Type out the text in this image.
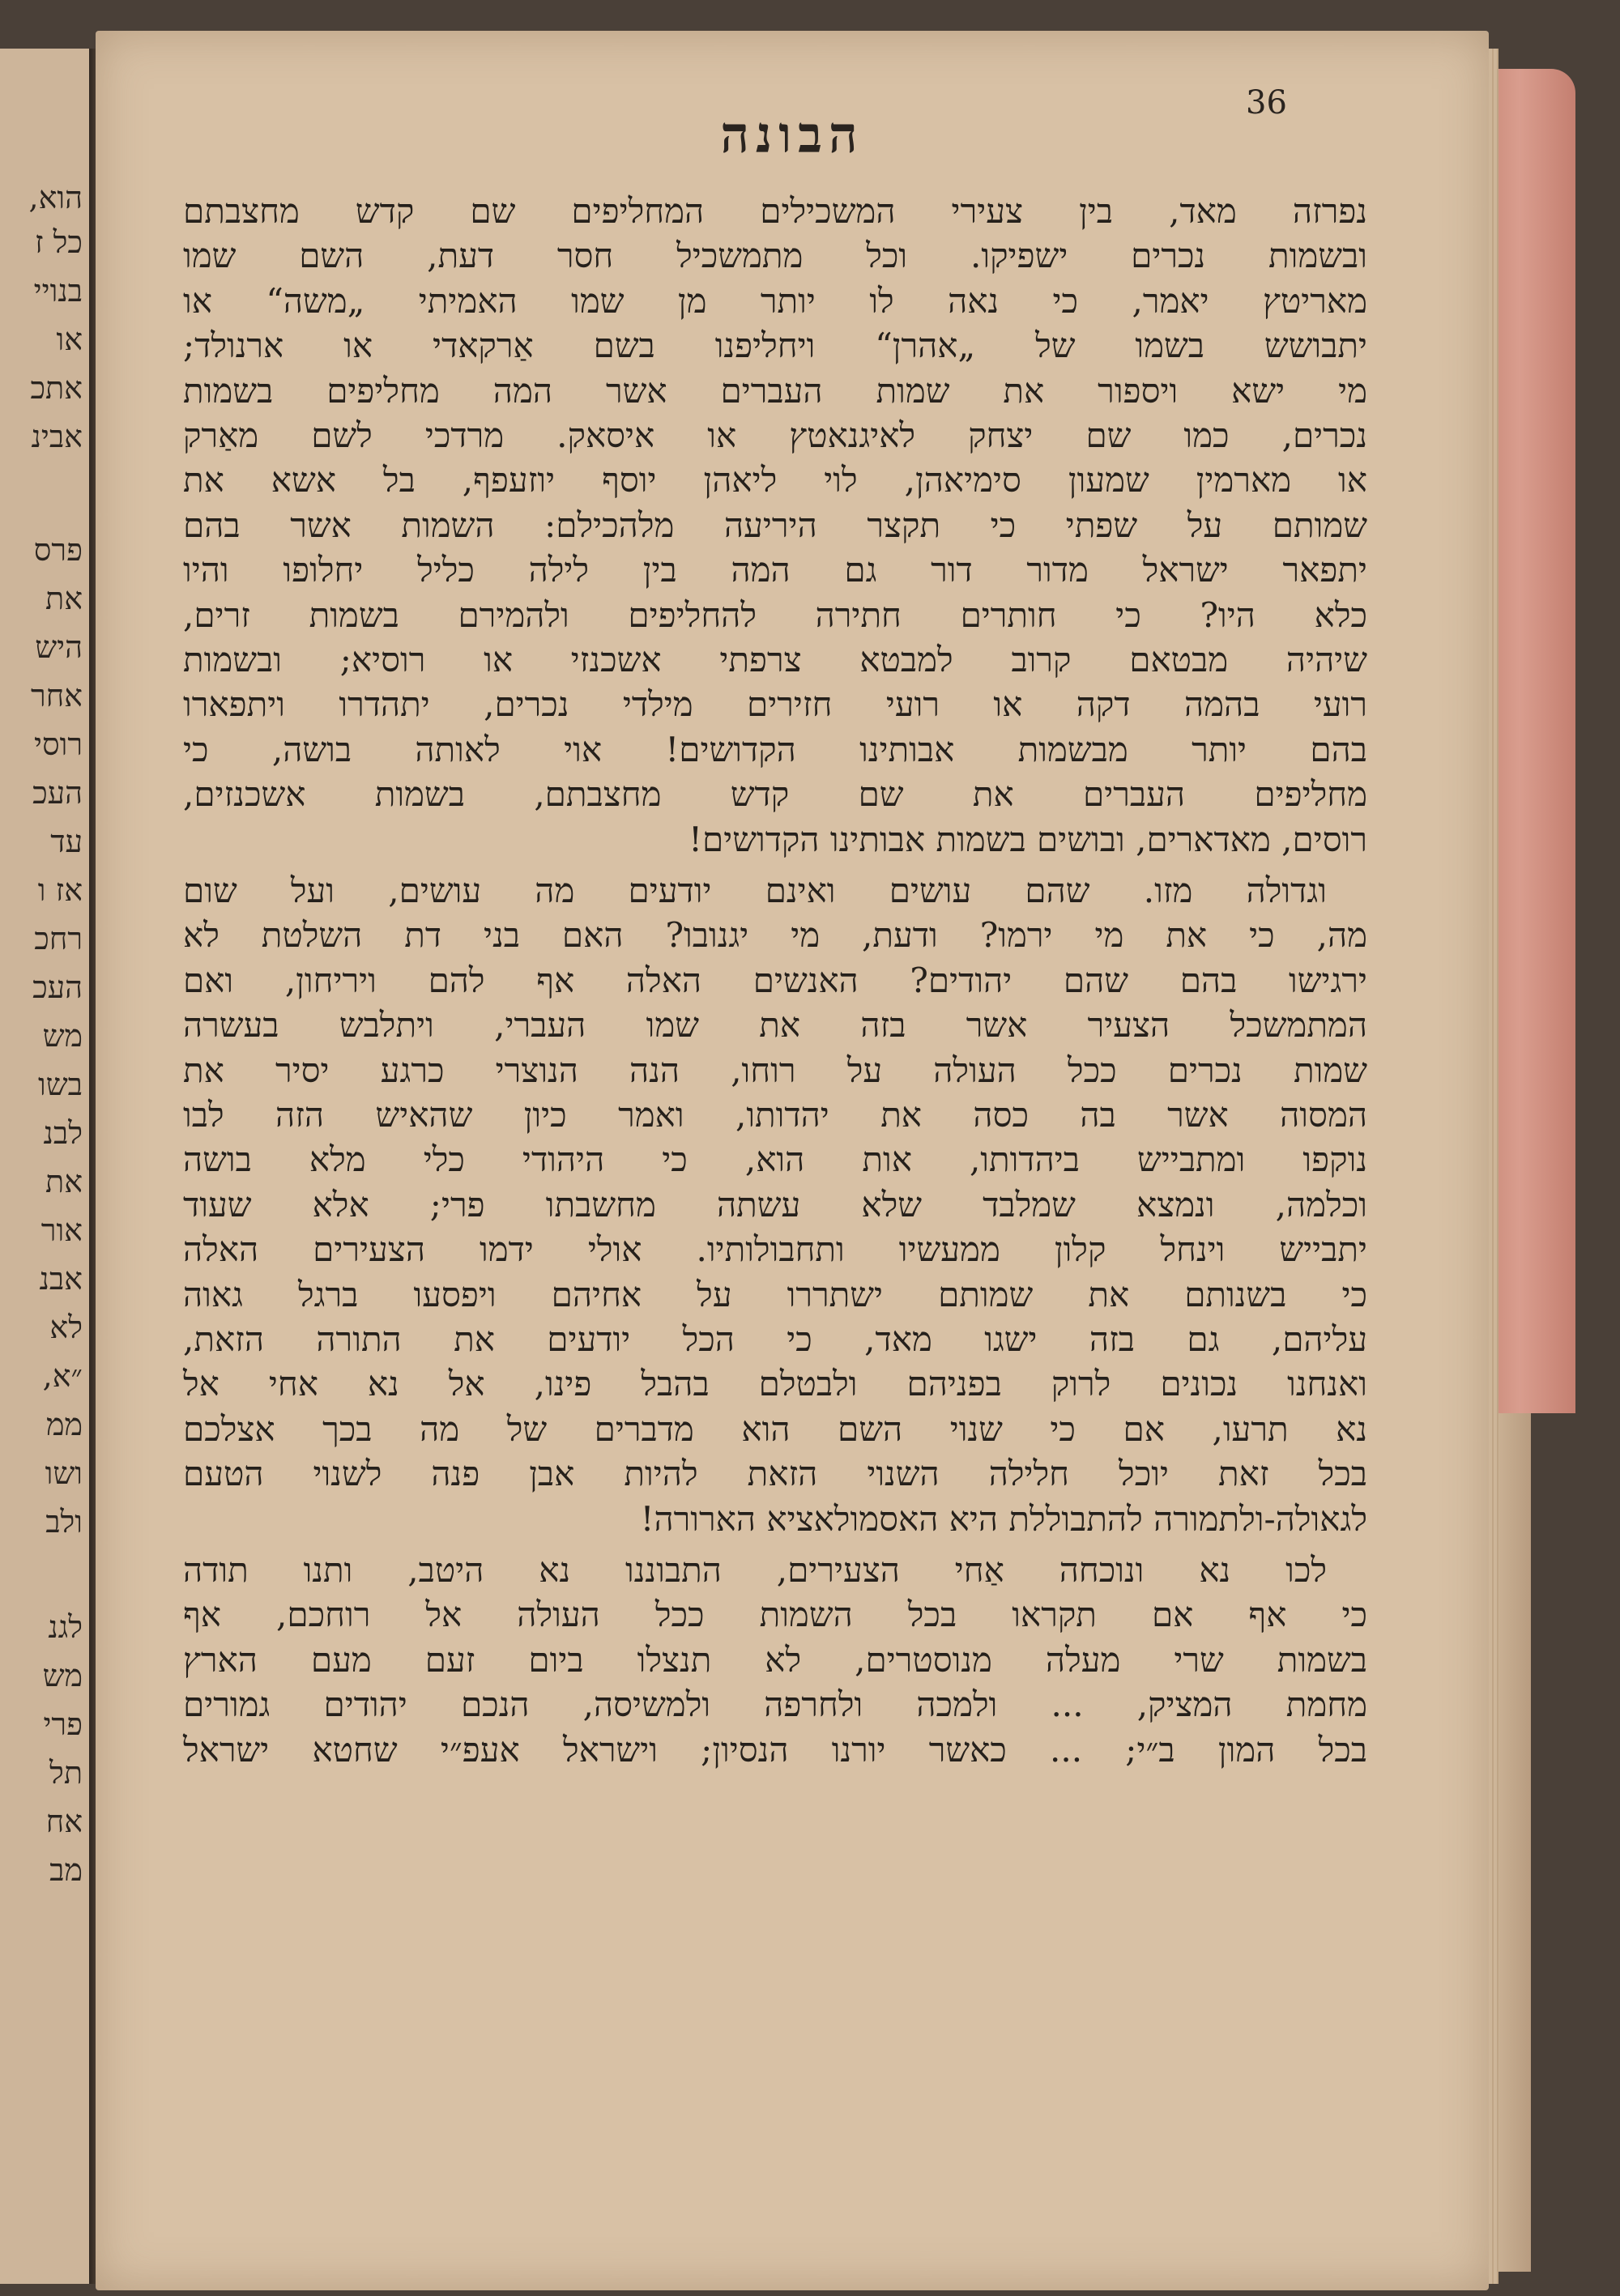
הוא,
כל ז
בנויי
או
אתכ
אבינ
פרס
את
היש
אחר
רוסי
העכ
עד
אז ו
רחכ
העכ
מש
בשו
לבנ
את
אור
אבנ
לא
״א,
ממ
ושו
ולב
לגנ
מש
פרי
תל
אח
מב
36
הבונה
נפרזה מאד, בין צעירי המשכילים המחליפים שם קדש מחצבתם
ובשמות נכרים ישפיקו. וכל מתמשכיל חסר דעת, השם שמו
מאריטץ יאמר, כי נאה לו יותר מן שמו האמיתי „משה“ או
יתבושש בשמו של „אהרן“ ויחליפנו בשם אַרקאדי או ארנולד;
מי ישא ויספור את שמות העברים אשר המה מחליפים בשמות
נכרים, כמו שם יצחק לאיגנאטץ או איסאק. מרדכי לשם מאַרק
או מארמין שמעון סימיאהן, לוי ליאהן יוסף יוזעפף, בל אשא את
שמותם על שפתי כי תקצר היריעה מלהכילם: השמות אשר בהם
יתפאר ישראל מדור דור גם המה בין לילה כליל יחלופו והיו
כלא היו? כי חותרים חתירה להחליפים ולהמירם בשמות זרים,
שיהיה מבטאם קרוב למבטא צרפתי אשכנזי או רוסיא; ובשמות
רועי בהמה דקה או רועי חזירים מילדי נכרים, יתהדרו ויתפארו
בהם יותר מבשמות אבותינו הקדושים! אוי לאותה בושה, כי
מחליפים העברים את שם קדש מחצבתם, בשמות אשכנזים,
רוסים, מאדארים, ובושים בשמות אבותינו הקדושים!
וגדולה מזו. שהם עושים ואינם יודעים מה עושים, ועל שום
מה, כי את מי ירמו? ודעת, מי יגנובו? האם בני דת השלטת לא
ירגישו בהם שהם יהודים? האנשים האלה אף להם ויריחון, ואם
המתמשכל הצעיר אשר בזה את שמו העברי, ויתלבש בעשרה
שמות נכרים ככל העולה על רוחו, הנה הנוצרי כרגע יסיר את
המסוה אשר בה כסה את יהדותו, ואמר כיון שהאיש הזה לבו
נוקפו ומתבייש ביהדותו, אות הוא, כי היהודי כלי מלא בושה
וכלמה, ונמצא שמלבד שלא עשתה מחשבתו פרי; אלא שעוד
יתבייש וינחל קלון ממעשיו ותחבולותיו. אולי ידמו הצעירים האלה
כי בשנותם את שמותם ישתררו על אחיהם ויפסעו ברגל גאוה
עליהם, גם בזה ישגו מאד, כי הכל יודעים את התורה הזאת,
ואנחנו נכונים לרוק בפניהם ולבטלם בהבל פינו, אל נא אחי אל
נא תרעו, אם כי שנוי השם הוא מדברים של מה בכך אצלכם
בכל זאת יוכל חלילה השנוי הזאת להיות אבן פנה לשנוי הטעם
לגאולה-ולתמורה להתבוללת היא האסמולאציא הארורה!
לכו נא ונוכחה אַחי הצעירים, התבוננו נא היטב, ותנו תודה
כי אף אם תקראו בכל השמות ככל העולה אל רוחכם, אף
בשמות שרי מעלה מנוסטרים, לא תנצלו ביום זעם מעם הארץ
מחמת המציק, ... ולמכה ולחרפה ולמשיסה, הנכם יהודים גמורים
בכל המון ב״י; ... כאשר יורנו הנסיון; וישראל אעפ״י שחטא ישראל
